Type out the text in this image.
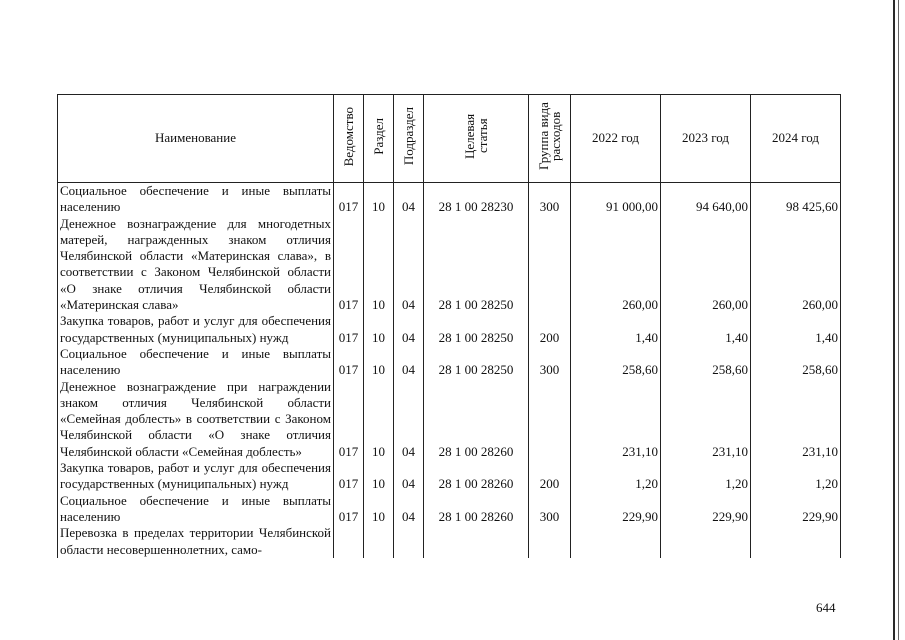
Наименование	Ведомство	Раздел	Подраздел	Целевая статья	Группа вида расходов	2022 год	2023 год	2024 год
Социальное обеспечение и иные выплаты населению	017	10	04	28 1 00 28230	300	91 000,00	94 640,00	98 425,60
Денежное вознаграждение для многодетных матерей, награжденных знаком отличия Челябинской области «Материнская слава», в соответствии с Законом Челябинской области «О знаке отличия Челябинской области «Материнская слава»	017	10	04	28 1 00 28250		260,00	260,00	260,00
Закупка товаров, работ и услуг для обеспечения государственных (муниципальных) нужд	017	10	04	28 1 00 28250	200	1,40	1,40	1,40
Социальное обеспечение и иные выплаты населению	017	10	04	28 1 00 28250	300	258,60	258,60	258,60
Денежное вознаграждение при награждении знаком отличия Челябинской области «Семейная доблесть» в соответствии с Законом Челябинской области «О знаке отличия Челябинской области «Семейная доблесть»	017	10	04	28 1 00 28260		231,10	231,10	231,10
Закупка товаров, работ и услуг для обеспечения государственных (муниципальных) нужд	017	10	04	28 1 00 28260	200	1,20	1,20	1,20
Социальное обеспечение и иные выплаты населению	017	10	04	28 1 00 28260	300	229,90	229,90	229,90
Перевозка в пределах территории Челябинской области несовершеннолетних, само-								
644
